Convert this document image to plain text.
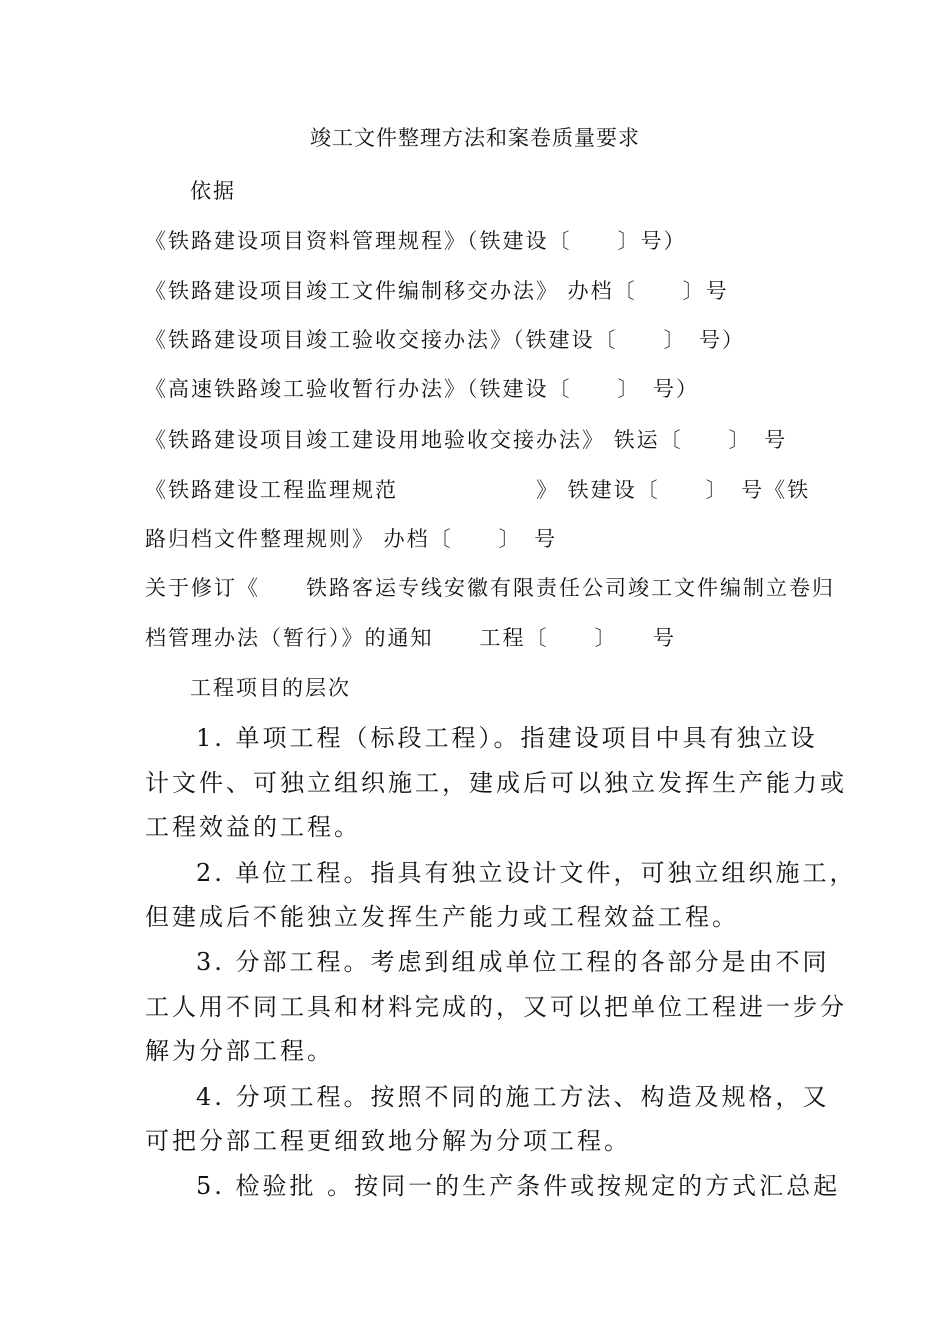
竣工文件整理方法和案卷质量要求
依据
《铁路建设项目资料管理规程》（铁建设〔　　〕号）
《铁路建设项目竣工文件编制移交办法》 办档〔　　〕号
《铁路建设项目竣工验收交接办法》（铁建设〔　　〕　号）
《高速铁路竣工验收暂行办法》（铁建设〔　　〕　号）
《铁路建设项目竣工建设用地验收交接办法》 铁运〔　　〕　号
《铁路建设工程监理规范　　　　　　》 铁建设〔　　〕　号《铁
路归档文件整理规则》 办档〔　　〕　号
关于修订《　　铁路客运专线安徽有限责任公司竣工文件编制立卷归
档管理办法（暂行）》的通知　　工程〔　　〕　　号
工程项目的层次
1. 单项工程（标段工程）。指建设项目中具有独立设
计文件、可独立组织施工，建成后可以独立发挥生产能力或
工程效益的工程。
2. 单位工程。指具有独立设计文件，可独立组织施工，
但建成后不能独立发挥生产能力或工程效益工程。
3. 分部工程。考虑到组成单位工程的各部分是由不同
工人用不同工具和材料完成的，又可以把单位工程进一步分
解为分部工程。
4. 分项工程。按照不同的施工方法、构造及规格，又
可把分部工程更细致地分解为分项工程。
5. 检验批 。按同一的生产条件或按规定的方式汇总起
